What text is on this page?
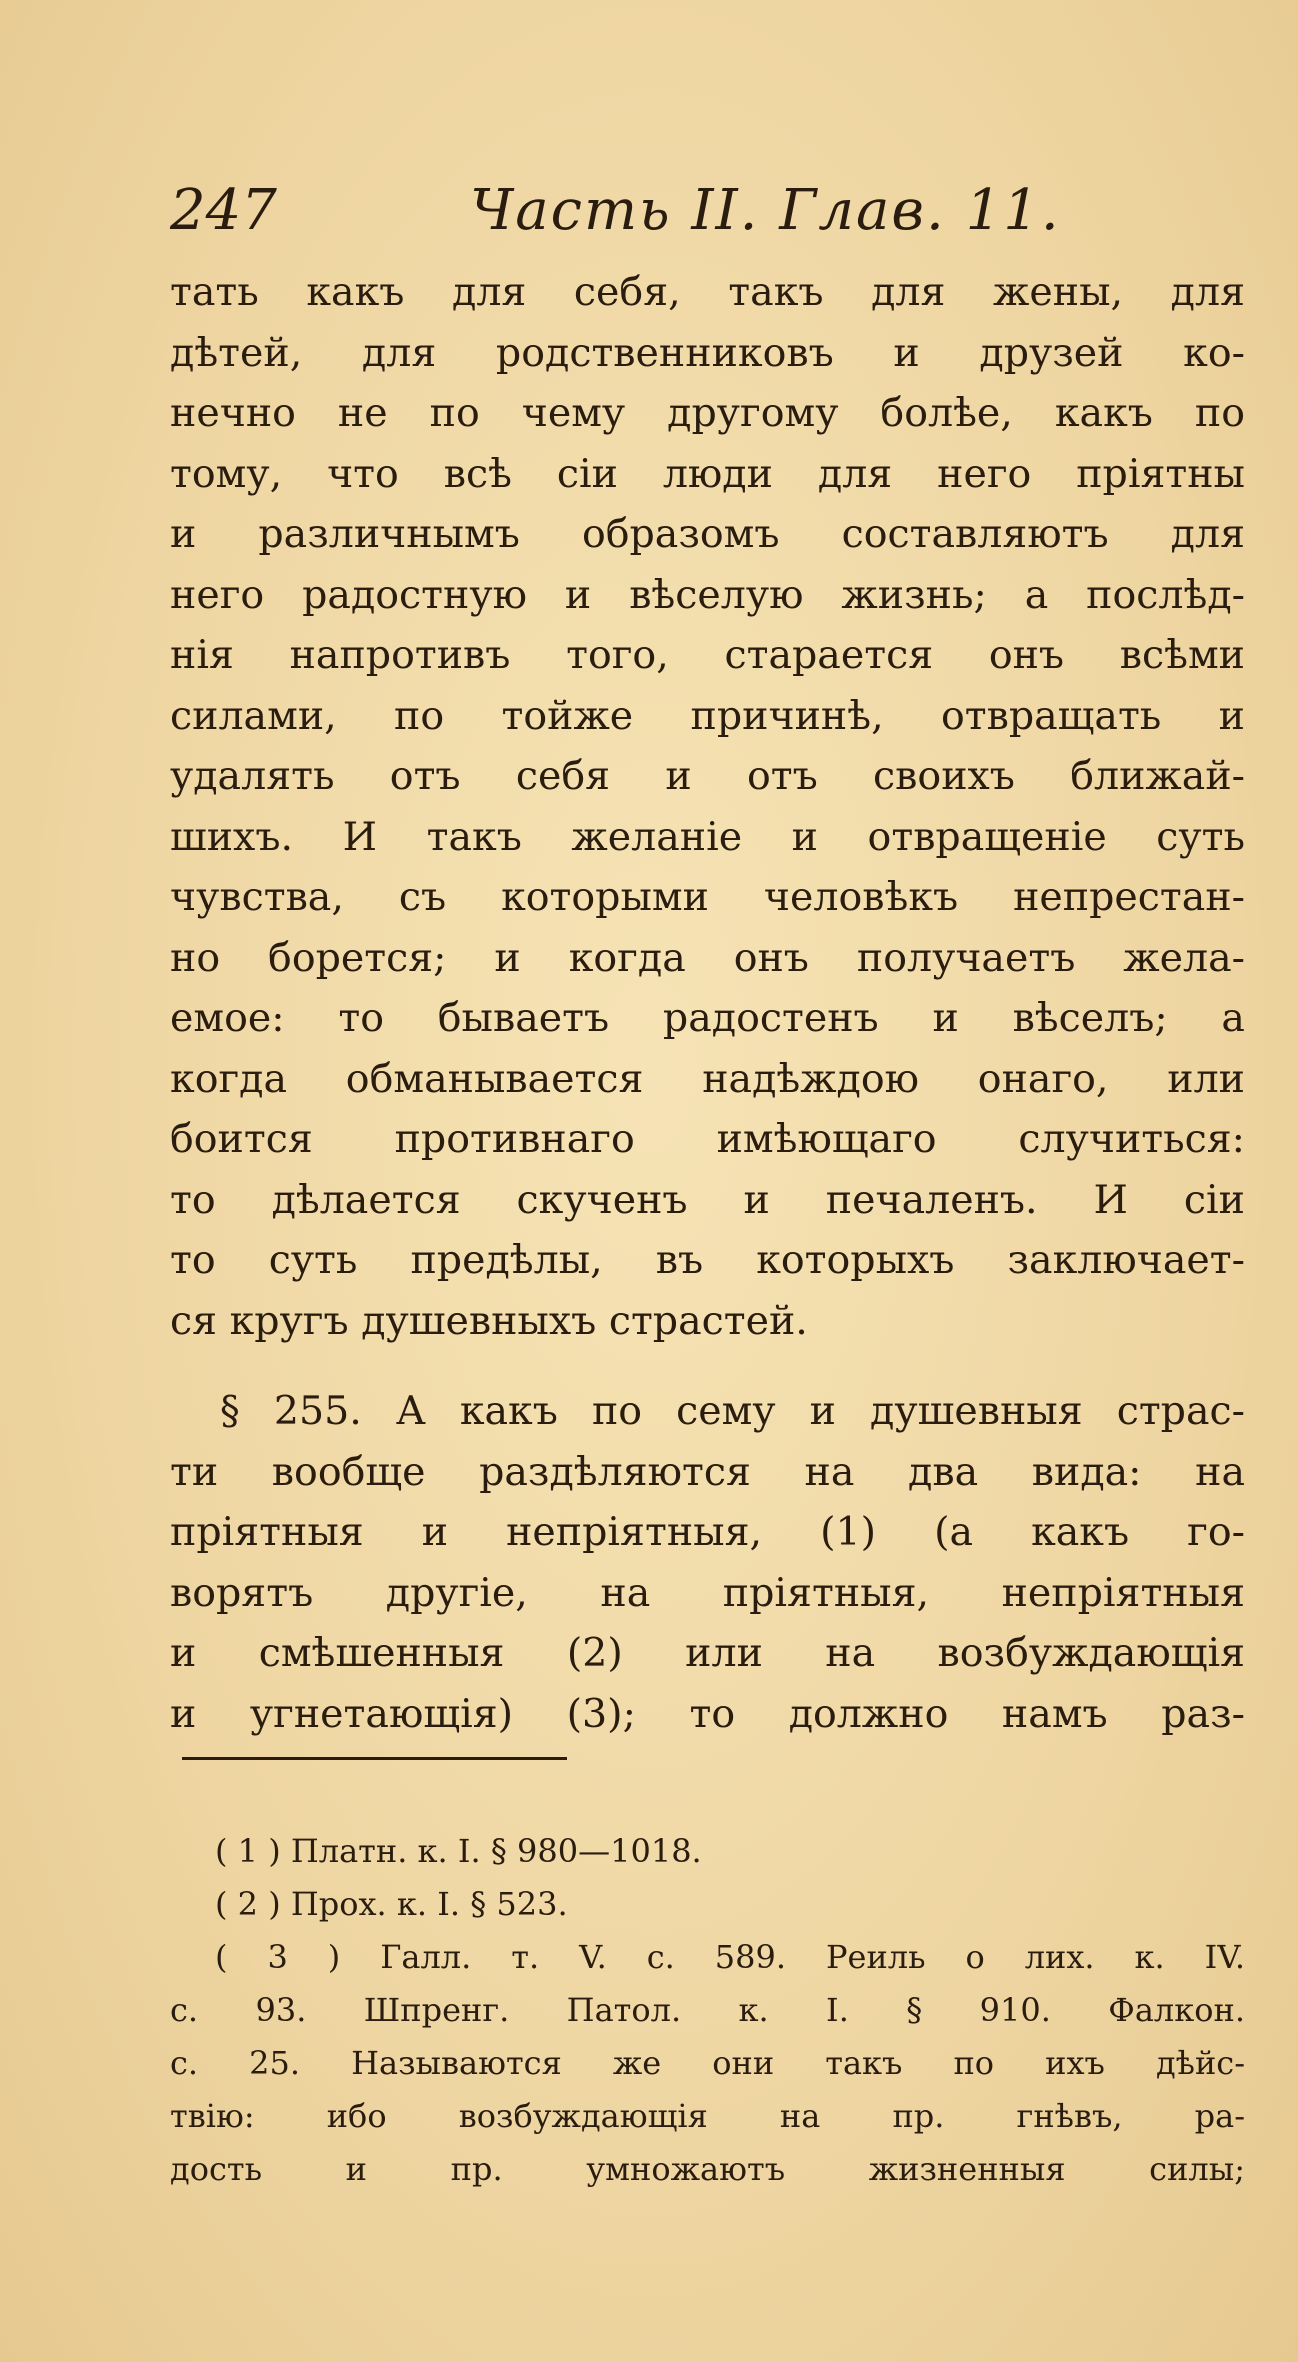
247	Часть II. Глав. 11.
тать какъ для себя, такъ для жены, для
дѣтей, для родственниковъ и друзей ко-
нечно не по чему другому болѣе, какъ по
тому, что всѣ сіи люди для него пріятны
и различнымъ образомъ составляютъ для
него радостную и вѣселую жизнь; а послѣд-
нія напротивъ того, старается онъ всѣми
силами, по тойже причинѣ, отвращать и
удалять отъ себя и отъ своихъ ближай-
шихъ. И такъ желаніе и отвращеніе суть
чувства, съ которыми человѣкъ непрестан-
но борется; и когда онъ получаетъ жела-
емое: то бываетъ радостенъ и вѣселъ; а
когда обманывается надѣждою онаго, или
боится противнаго имѣющаго случиться:
то дѣлается скученъ и печаленъ. И сіи
то суть предѣлы, въ которыхъ заключает-
ся кругъ душевныхъ страстей.
§ 255. А какъ по сему и душевныя страс-
ти вообще раздѣляются на два вида: на
пріятныя и непріятныя, (1) (а какъ го-
ворятъ другіе, на пріятныя, непріятныя
и смѣшенныя (2) или на возбуждающія
и угнетающія) (3); то должно намъ раз-
( 1 ) Платн. к. I. § 980—1018.
( 2 ) Прох. к. I. § 523.
( 3 ) Галл. т. V. с. 589. Реиль о лих. к. IV.
с. 93. Шпренг. Патол. к. I. § 910. Фалкон.
с. 25. Называются же они такъ по ихъ дѣйс-
твію: ибо возбуждающія на пр. гнѣвъ, ра-
дость и пр. умножаютъ жизненныя силы;
